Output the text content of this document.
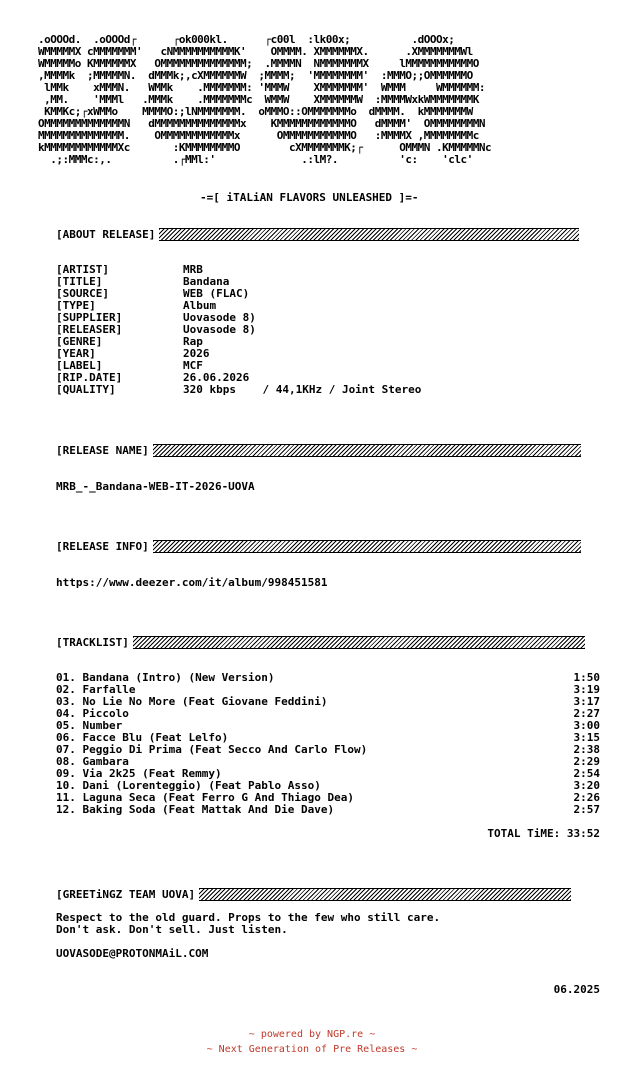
.oOOOd.  .oOOOd┌      ┌ok000kl.      ┌c00l  :lk00x;          .dOOOx;
WMMMMMX cMMMMMMM'   cNMMMMMMMMMMK'    OMMMM. XMMMMMMX.      .XMMMMMMMWl
WMMMMMo KMMMMMMX   OMMMMMMMMMMMMMM;  .MMMMN  NMMMMMMMX     lMMMMMMMMMMMO
,MMMMk  ;MMMMMN.  dMMMk;,cXMMMMMMW  ;MMMM;  'MMMMMMMM'  :MMMO;;OMMMMMMO
lMMk    xMMMN.   WMMk    .MMMMMMM: 'MMMW    XMMMMMMM'  WMMM     WMMMMMM:
,MM.    'MMMl   .MMMk    .MMMMMMMc  WMMW    XMMMMMMW  :MMMMWxkWMMMMMMMK
KMMKc;┌xWMMo    MMMMO:;lNMMMMMMM.  oMMMO::OMMMMMMMo  dMMMM.  kMMMMMMMW
OMMMMMMMMMMMMMN   dMMMMMMMMMMMMMMx    KMMMMMMMMMMMMO   dMMMM'  OMMMMMMMMN
MMMMMMMMMMMMMM.    OMMMMMMMMMMMMx      OMMMMMMMMMMMO   :MMMMX ,MMMMMMMMc
kMMMMMMMMMMMMXc       :KMMMMMMMMO        cXMMMMMMMK;┌      OMMMN .KMMMMMNc
.;:MMMc:,.          .┌MMl:'              .:lM?.          'c:    'clc'
-=[ iTALiAN FLAVORS UNLEASHED ]=-
[ABOUT RELEASE]
[ARTIST]	MRB
[TITLE]	Bandana
[SOURCE]	WEB (FLAC)
[TYPE]	Album
[SUPPLIER]	Uovasode 8)
[RELEASER]	Uovasode 8)
[GENRE]	Rap
[YEAR]	2026
[LABEL]	MCF
[RIP.DATE]	26.06.2026
[QUALITY]	320 kbps    / 44,1KHz / Joint Stereo
[RELEASE NAME]
MRB_-_Bandana-WEB-IT-2026-UOVA
[RELEASE INFO]
https://www.deezer.com/it/album/998451581
[TRACKLIST]
01. Bandana (Intro) (New Version)	1:50
02. Farfalle	3:19
03. No Lie No More (Feat Giovane Feddini)	3:17
04. Piccolo	2:27
05. Number	3:00
06. Facce Blu (Feat Lelfo)	3:15
07. Peggio Di Prima (Feat Secco And Carlo Flow)	2:38
08. Gambara	2:29
09. Via 2k25 (Feat Remmy)	2:54
10. Dani (Lorenteggio) (Feat Pablo Asso)	3:20
11. Laguna Seca (Feat Ferro G And Thiago Dea)	2:26
12. Baking Soda (Feat Mattak And Die Dave)	2:57
TOTAL TiME: 33:52
[GREETiNGZ TEAM UOVA]
Respect to the old guard. Props to the few who still care.
Don't ask. Don't sell. Just listen.
UOVASODE@PROTONMAiL.COM
06.2025
~ powered by NGP.re ~
~ Next Generation of Pre Releases ~
